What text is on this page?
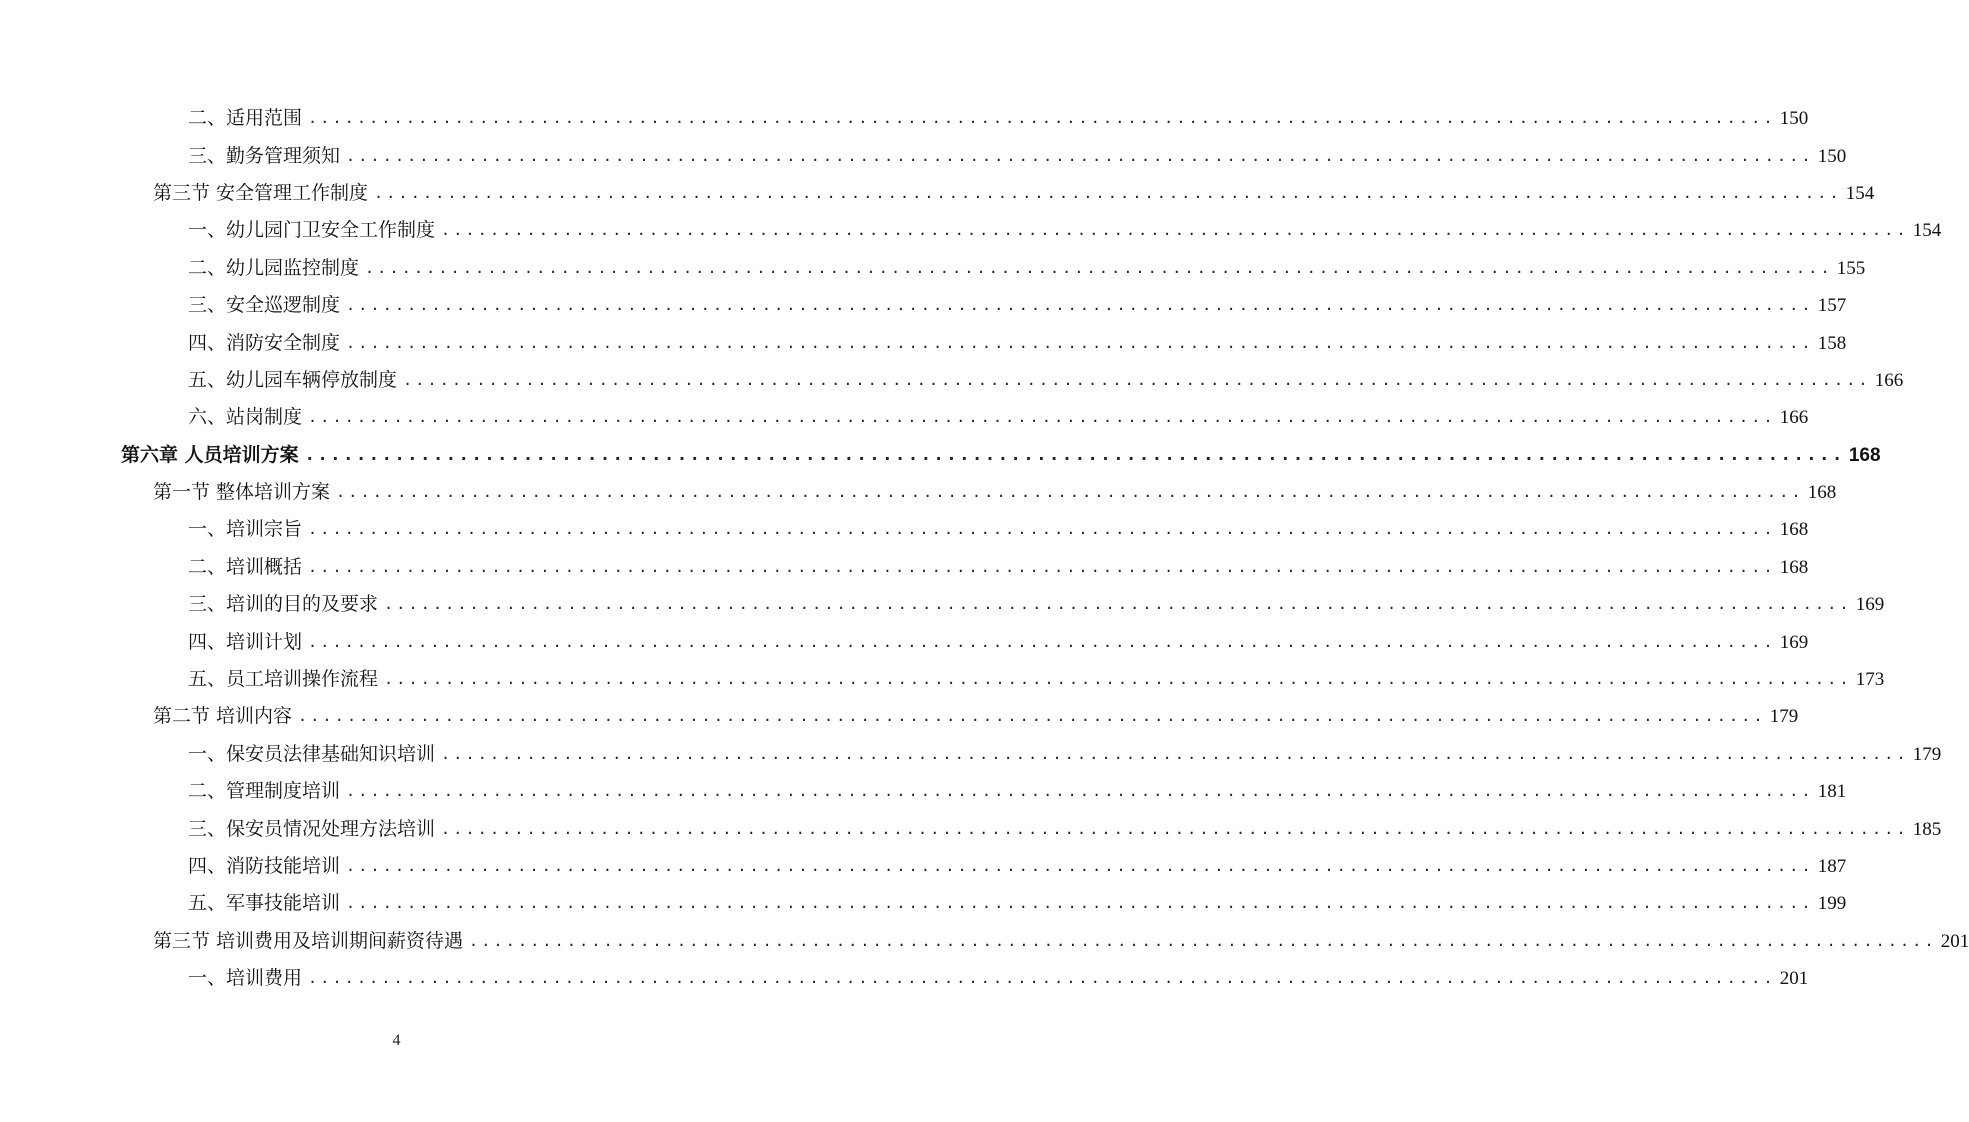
二、适用范围 ........................................................................................................................ 150
三、勤务管理须知 ........................................................................................................................ 150
第三节 安全管理工作制度 ........................................................................................................................ 154
一、幼儿园门卫安全工作制度 ........................................................................................................................ 154
二、幼儿园监控制度 ........................................................................................................................ 155
三、安全巡逻制度 ........................................................................................................................ 157
四、消防安全制度 ........................................................................................................................ 158
五、幼儿园车辆停放制度 ........................................................................................................................ 166
六、站岗制度 ........................................................................................................................ 166
第六章 人员培训方案 ........................................................................................................................ 168
第一节 整体培训方案 ........................................................................................................................ 168
一、培训宗旨 ........................................................................................................................ 168
二、培训概括 ........................................................................................................................ 168
三、培训的目的及要求 ........................................................................................................................ 169
四、培训计划 ........................................................................................................................ 169
五、员工培训操作流程 ........................................................................................................................ 173
第二节 培训内容 ........................................................................................................................ 179
一、保安员法律基础知识培训 ........................................................................................................................ 179
二、管理制度培训 ........................................................................................................................ 181
三、保安员情况处理方法培训 ........................................................................................................................ 185
四、消防技能培训 ........................................................................................................................ 187
五、军事技能培训 ........................................................................................................................ 199
第三节 培训费用及培训期间薪资待遇 ........................................................................................................................ 201
一、培训费用 ........................................................................................................................ 201
4
